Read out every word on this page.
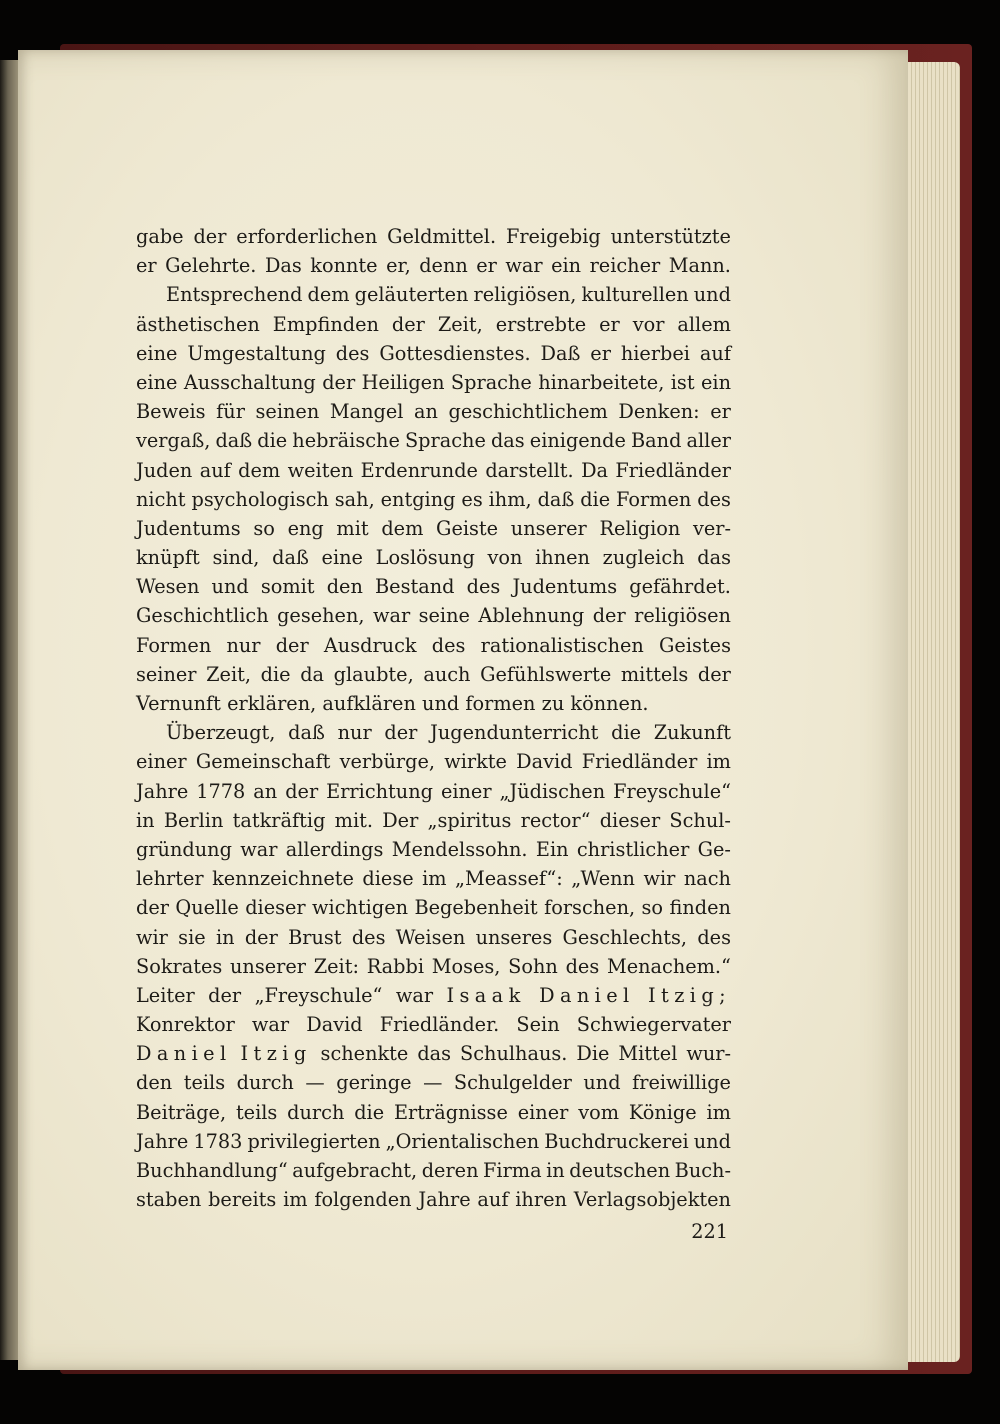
gabe der erforderlichen Geldmittel. Freigebig unterstützte
er Gelehrte. Das konnte er, denn er war ein reicher Mann.
Entsprechend dem geläuterten religiösen, kulturellen und
ästhetischen Empfinden der Zeit, erstrebte er vor allem
eine Umgestaltung des Gottesdienstes. Daß er hierbei auf
eine Ausschaltung der Heiligen Sprache hinarbeitete, ist ein
Beweis für seinen Mangel an geschichtlichem Denken: er
vergaß, daß die hebräische Sprache das einigende Band aller
Juden auf dem weiten Erdenrunde darstellt. Da Friedländer
nicht psychologisch sah, entging es ihm, daß die Formen des
Judentums so eng mit dem Geiste unserer Religion ver-
knüpft sind, daß eine Loslösung von ihnen zugleich das
Wesen und somit den Bestand des Judentums gefährdet.
Geschichtlich gesehen, war seine Ablehnung der religiösen
Formen nur der Ausdruck des rationalistischen Geistes
seiner Zeit, die da glaubte, auch Gefühlswerte mittels der
Vernunft erklären, aufklären und formen zu können.
Überzeugt, daß nur der Jugendunterricht die Zukunft
einer Gemeinschaft verbürge, wirkte David Friedländer im
Jahre 1778 an der Errichtung einer „Jüdischen Freyschule“
in Berlin tatkräftig mit. Der „spiritus rector“ dieser Schul-
gründung war allerdings Mendelssohn. Ein christlicher Ge-
lehrter kennzeichnete diese im „Meassef“: „Wenn wir nach
der Quelle dieser wichtigen Begebenheit forschen, so finden
wir sie in der Brust des Weisen unseres Geschlechts, des
Sokrates unserer Zeit: Rabbi Moses, Sohn des Menachem.“
Leiter der „Freyschule“ war Isaak Daniel Itzig;
Konrektor war David Friedländer. Sein Schwiegervater
Daniel Itzig schenkte das Schulhaus. Die Mittel wur-
den teils durch — geringe — Schulgelder und freiwillige
Beiträge, teils durch die Erträgnisse einer vom Könige im
Jahre 1783 privilegierten „Orientalischen Buchdruckerei und
Buchhandlung“ aufgebracht, deren Firma in deutschen Buch-
staben bereits im folgenden Jahre auf ihren Verlagsobjekten
221
